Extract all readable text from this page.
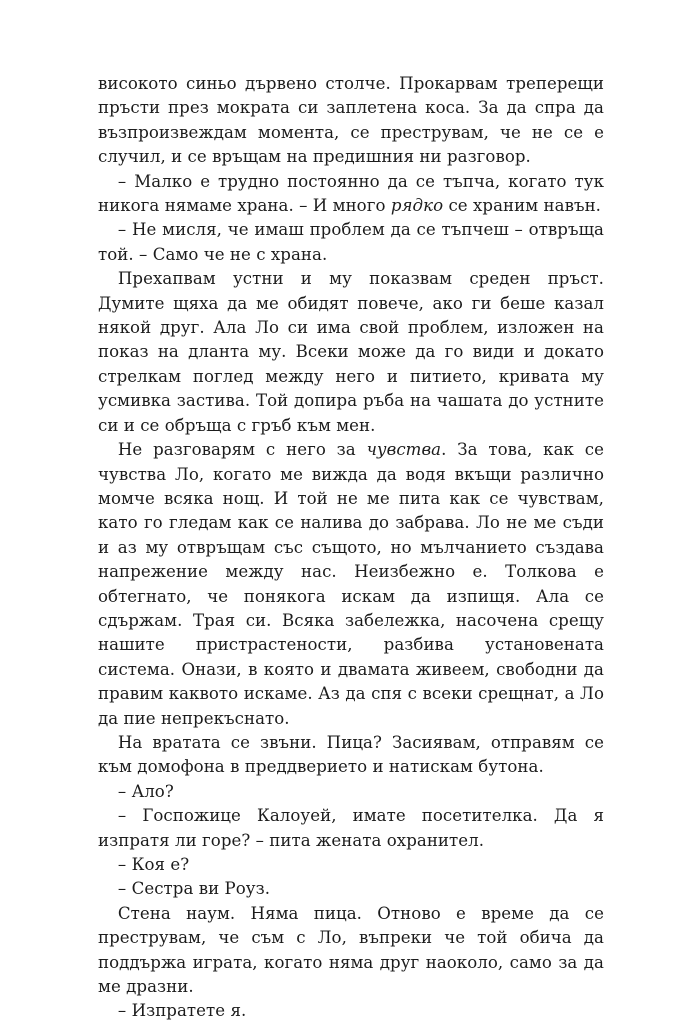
високото синьо дървено столче. Прокарвам треперещи пръсти през мократа си заплетена коса. За да спра да възпроизвеждам момента, се преструвам, че не се е случил, и се връщам на предишния ни разговор.

– Малко е трудно постоянно да се тъпча, когато тук никога нямаме храна. – И много рядко се храним навън.

– Не мисля, че имаш проблем да се тъпчеш – отвръща той. – Само че не с храна.

Прехапвам устни и му показвам среден пръст. Думите щяха да ме обидят повече, ако ги беше казал някой друг. Ала Ло си има свой проблем, изложен на показ на дланта му. Всеки може да го види и докато стрелкам поглед между него и питието, кривата му усмивка застива. Той допира ръба на чашата до устните си и се обръща с гръб към мен.

Не разговарям с него за чувства. За това, как се чувства Ло, когато ме вижда да водя вкъщи различно момче всяка нощ. И той не ме пита как се чувствам, като го гледам как се налива до забрава. Ло не ме съди и аз му отвръщам със същото, но мълчанието създава напрежение между нас. Неизбежно е. Толкова е обтегнато, че понякога искам да изпищя. Ала се сдържам. Трая си. Всяка забележка, насочена срещу нашите пристрастености, разбива установената система. Онази, в която и двамата живеем, свободни да правим каквото искаме. Аз да спя с всеки срещнат, а Ло да пие непрекъснато.

На вратата се звъни. Пица? Засиявам, отправям се към домофона в преддверието и натискам бутона.

– Ало?

– Госпожице Калоуей, имате посетителка. Да я изпратя ли горе? – пита жената охранител.

– Коя е?

– Сестра ви Роуз.

Стена наум. Няма пица. Отново е време да се преструвам, че съм с Ло, въпреки че той обича да поддържа играта, когато няма друг наоколо, само за да ме дразни.

– Изпратете я.
